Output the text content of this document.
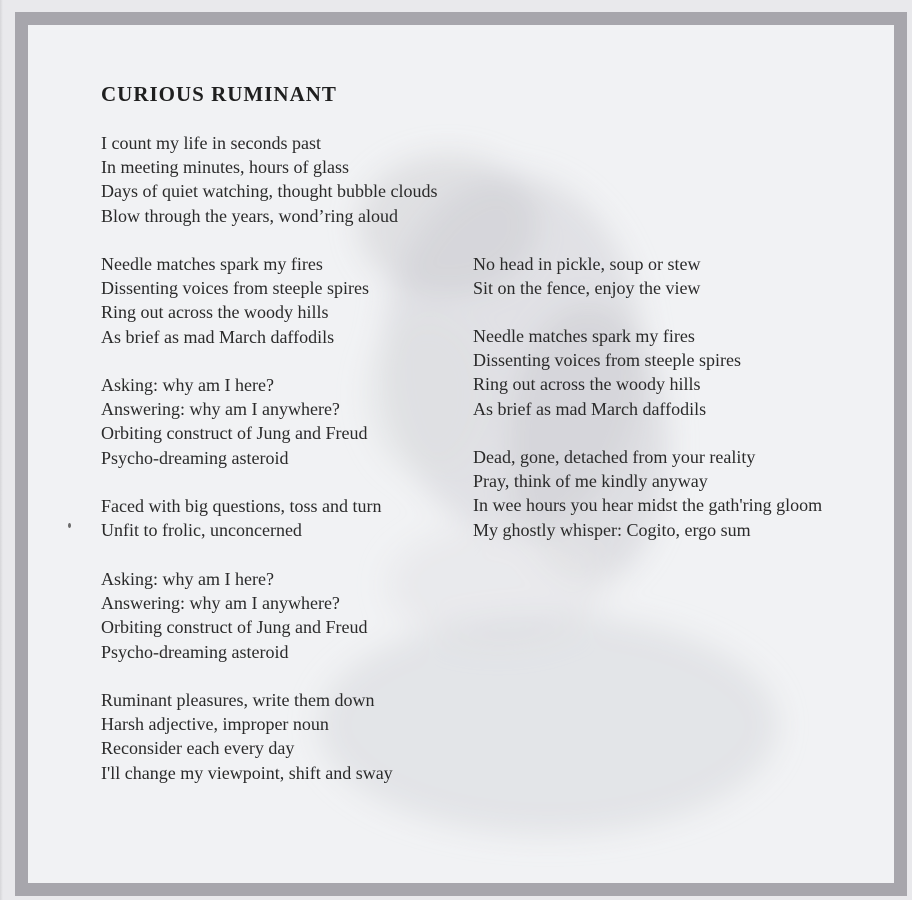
CURIOUS RUMINANT
I count my life in seconds past
In meeting minutes, hours of glass
Days of quiet watching, thought bubble clouds
Blow through the years, wond’ring aloud
Needle matches spark my fires
Dissenting voices from steeple spires
Ring out across the woody hills
As brief as mad March daffodils
Asking: why am I here?
Answering: why am I anywhere?
Orbiting construct of Jung and Freud
Psycho-dreaming asteroid
Faced with big questions, toss and turn
Unfit to frolic, unconcerned
Asking: why am I here?
Answering: why am I anywhere?
Orbiting construct of Jung and Freud
Psycho-dreaming asteroid
Ruminant pleasures, write them down
Harsh adjective, improper noun
Reconsider each every day
I'll change my viewpoint, shift and sway
No head in pickle, soup or stew
Sit on the fence, enjoy the view
Needle matches spark my fires
Dissenting voices from steeple spires
Ring out across the woody hills
As brief as mad March daffodils
Dead, gone, detached from your reality
Pray, think of me kindly anyway
In wee hours you hear midst the gath'ring gloom
My ghostly whisper: Cogito, ergo sum
